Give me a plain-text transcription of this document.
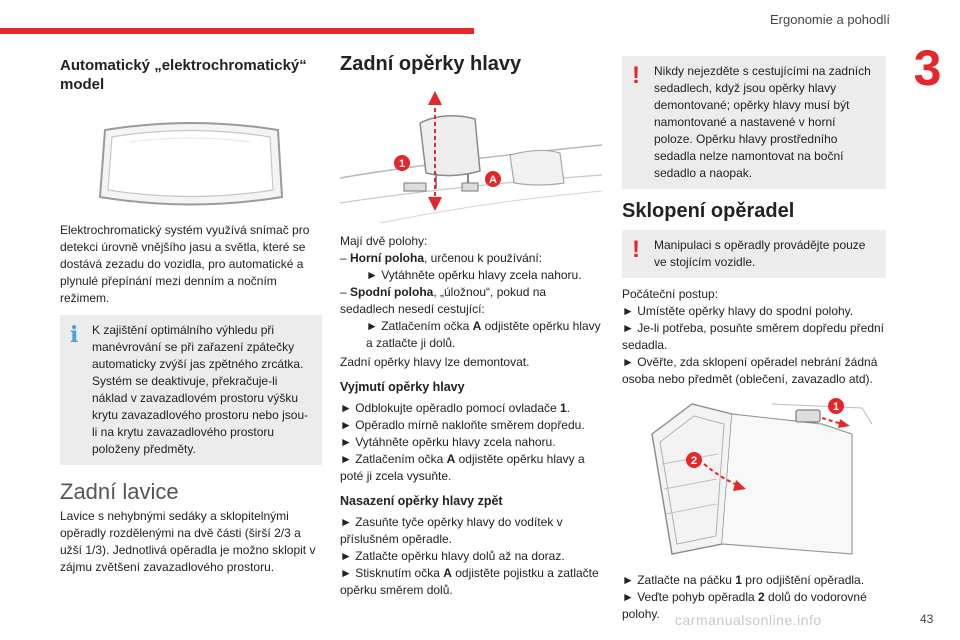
Ergonomie a pohodlí
3
Automatický „elektrochromatický“ model

Elektrochromatický systém využívá snímač pro detekci úrovně vnějšího jasu a světla, které se dostává zezadu do vozidla, pro automatické a plynulé přepínání mezi denním a nočním režimem.

i	K zajištění optimálního výhledu při manévrování se při zařazení zpátečky automaticky zvýší jas zpětného zrcátka. Systém se deaktivuje, překračuje-li náklad v zavazadlovém prostoru výšku krytu zavazadlového prostoru nebo jsou-li na krytu zavazadlového prostoru položeny předměty.
Zadní lavice

Lavice s nehybnými sedáky a sklopitelnými opěradly rozdělenými na dvě části (širší 2/3 a užší 1/3). Jednotlivá opěradla je možno sklopit v zájmu zvětšení zavazadlového prostoru.

Zadní opěrky hlavy
1
A

Mají dvě polohy:

– Horní poloha, určenou k používání:

► Vytáhněte opěrku hlavy zcela nahoru.

– Spodní poloha, „úložnou“, pokud na sedadlech nesedí cestující:

► Zatlačením očka A odjistěte opěrku hlavy a zatlačte ji dolů.

Zadní opěrky hlavy lze demontovat.

Vyjmutí opěrky hlavy

► Odblokujte opěradlo pomocí ovladače 1.

► Opěradlo mírně nakloňte směrem dopředu.

► Vytáhněte opěrku hlavy zcela nahoru.

► Zatlačením očka A odjistěte opěrku hlavy a poté ji zcela vysuňte.

Nasazení opěrky hlavy zpět

► Zasuňte tyče opěrky hlavy do vodítek v příslušném opěradle.

► Zatlačte opěrku hlavy dolů až na doraz.

► Stisknutím očka A odjistěte pojistku a zatlačte opěrku směrem dolů.

!	Nikdy nejezděte s cestujícími na zadních sedadlech, když jsou opěrky hlavy demontované; opěrky hlavy musí být namontované a nastavené v horní poloze. Opěrku hlavy prostředního sedadla nelze namontovat na boční sedadlo a naopak.
Sklopení opěradel
!	Manipulaci s opěradly provádějte pouze ve stojícím vozidle.

Počáteční postup:

► Umístěte opěrky hlavy do spodní polohy.

► Je-li potřeba, posuňte směrem dopředu přední sedadla.

► Ověřte, zda sklopení opěradel nebrání žádná osoba nebo předmět (oblečení, zavazadlo atd).

1
2

► Zatlačte na páčku 1 pro odjištění opěradla.

► Veďte pohyb opěradla 2 dolů do vodorovné polohy.	carmanualsonline.info	43
